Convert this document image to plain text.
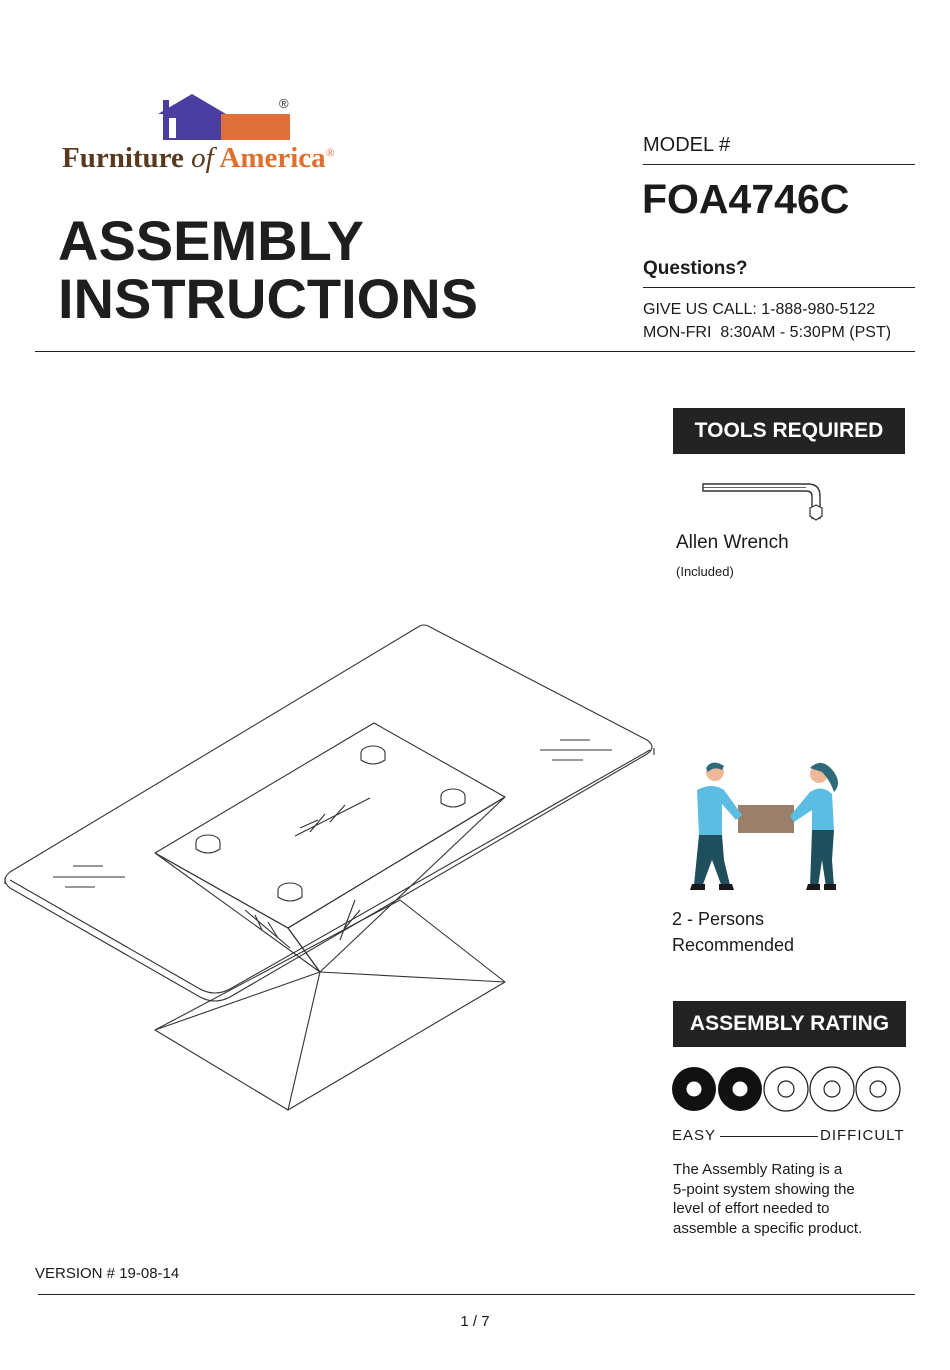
®
Furniture of America®
ASSEMBLY
INSTRUCTIONS
MODEL #
FOA4746C
Questions?
GIVE US CALL: 1-888-980-5122
MON-FRI  8:30AM - 5:30PM (PST)
TOOLS REQUIRED
Allen Wrench
(Included)
2 - Persons
Recommended
ASSEMBLY RATING
EASY	DIFFICULT
The Assembly Rating is a
5-point system showing the
level of effort needed to
assemble a specific product.
VERSION # 19-08-14
1 / 7
